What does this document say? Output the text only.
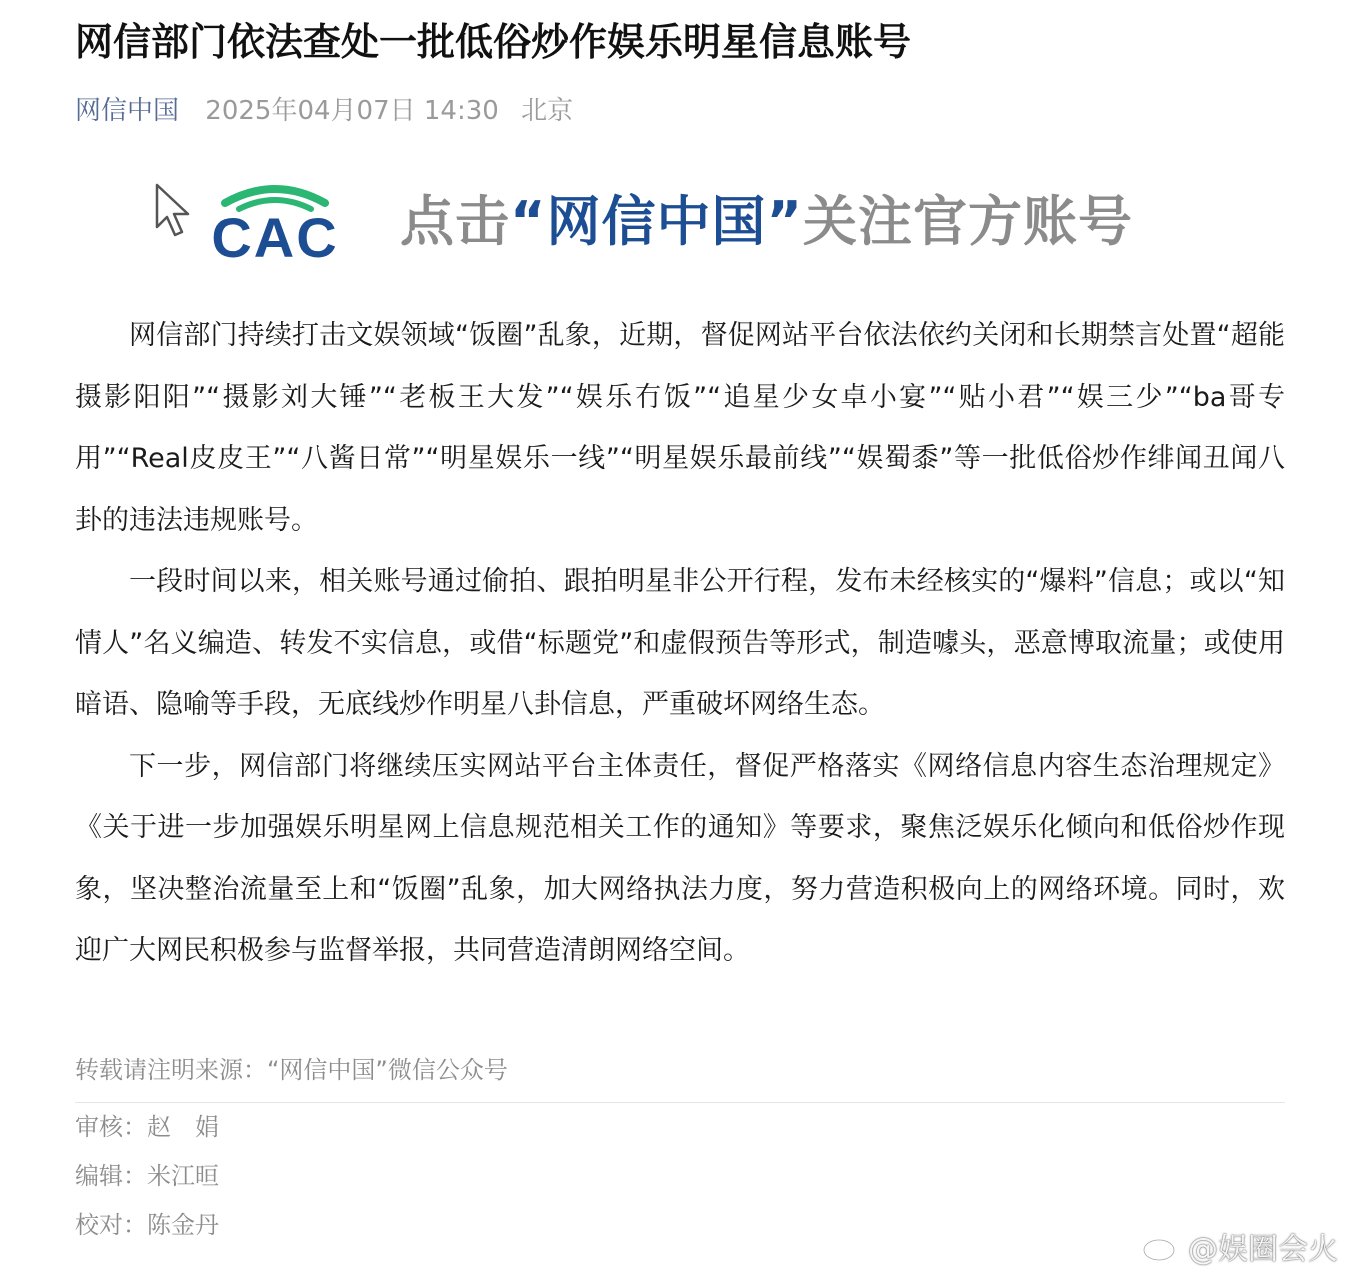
网信部门依法查处一批低俗炒作娱乐明星信息账号
网信中国 2025年04月07日 14:30 北京

网信部门持续打击文娱领域“饭圈”乱象，近期，督促网站平台依法依约关闭和长期禁言处置“超能摄影阳阳”“摄影刘大锤”“老板王大发”“娱乐冇饭”“追星少女卓小宴”“贴小君”“娱三少”“ba哥专用”“Real皮皮王”“八酱日常”“明星娱乐一线”“明星娱乐最前线”“娱蜀黍”等一批低俗炒作绯闻丑闻八卦的违法违规账号。

一段时间以来，相关账号通过偷拍、跟拍明星非公开行程，发布未经核实的“爆料”信息；或以“知情人”名义编造、转发不实信息，或借“标题党”和虚假预告等形式，制造噱头，恶意博取流量；或使用暗语、隐喻等手段，无底线炒作明星八卦信息，严重破坏网络生态。

下一步，网信部门将继续压实网站平台主体责任，督促严格落实《网络信息内容生态治理规定》《关于进一步加强娱乐明星网上信息规范相关工作的通知》等要求，聚焦泛娱乐化倾向和低俗炒作现象，坚决整治流量至上和“饭圈”乱象，加大网络执法力度，努力营造积极向上的网络环境。同时，欢迎广大网民积极参与监督举报，共同营造清朗网络空间。

转载请注明来源：“网信中国”微信公众号
审核：赵　娟
编辑：米江晅
校对：陈金丹
CAC 点击“网信中国”关注官方账号
@娱圈会火
